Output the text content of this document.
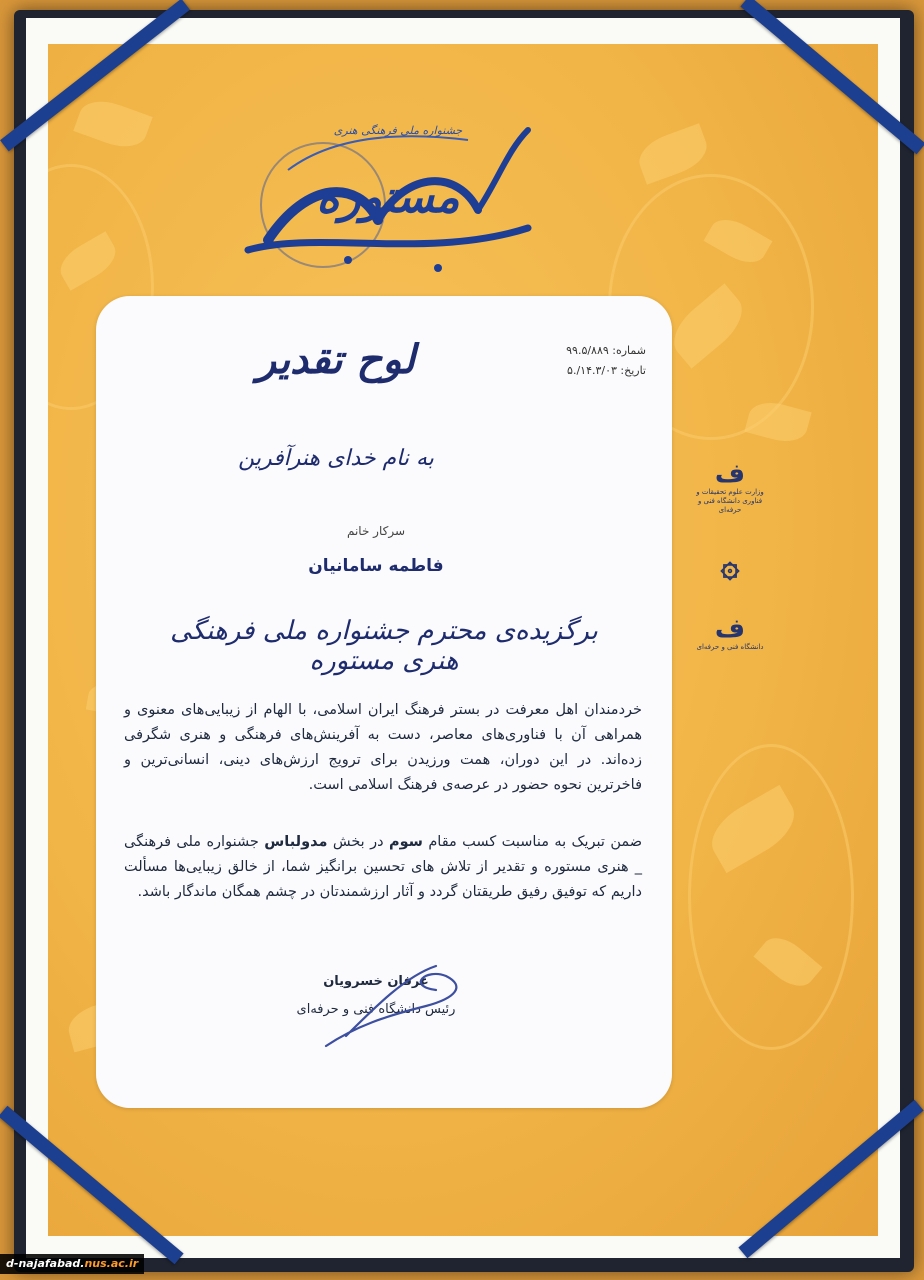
مستوره
جشنواره ملی فرهنگی هنری
ف
وزارت علوم تحقیقات و فناوری دانشگاه فنی و حرفه‌ای
۞
ف
دانشگاه فنی و حرفه‌ای
شماره: ۹۹.۵/۸۸۹
تاریخ: ۱۴.۳/۰۳/.۵
لوح تقدیر
به نام خدای هنرآفرین
سرکار خانم
فاطمه سامانیان
برگزیده‌ی محترم جشنواره ملی فرهنگی هنری مستوره
خردمندان اهل معرفت در بستر فرهنگ ایران اسلامی، با الهام از زیبایی‌های معنوی و همراهی آن با فناوری‌های معاصر، دست به آفرینش‌های فرهنگی و هنری شگرفی زده‌اند. در این دوران، همت ورزیدن برای ترویج ارزش‌های دینی، انسانی‌ترین و فاخرترین نحوه حضور در عرصه‌ی فرهنگ اسلامی است.
ضمن تبریک به مناسبت کسب مقام سوم در بخش مدولباس جشنواره ملی فرهنگی _ هنری مستوره و تقدیر از تلاش های تحسین برانگیز شما، از خالق زیبایی‌ها مسألت داریم که توفیق رفیق طریقتان گردد و آثار ارزشمندتان در چشم همگان ماندگار باشد.
عرفان خسرویان
رئیس دانشگاه فنی و حرفه‌ای
d-najafabad.nus.ac.ir
